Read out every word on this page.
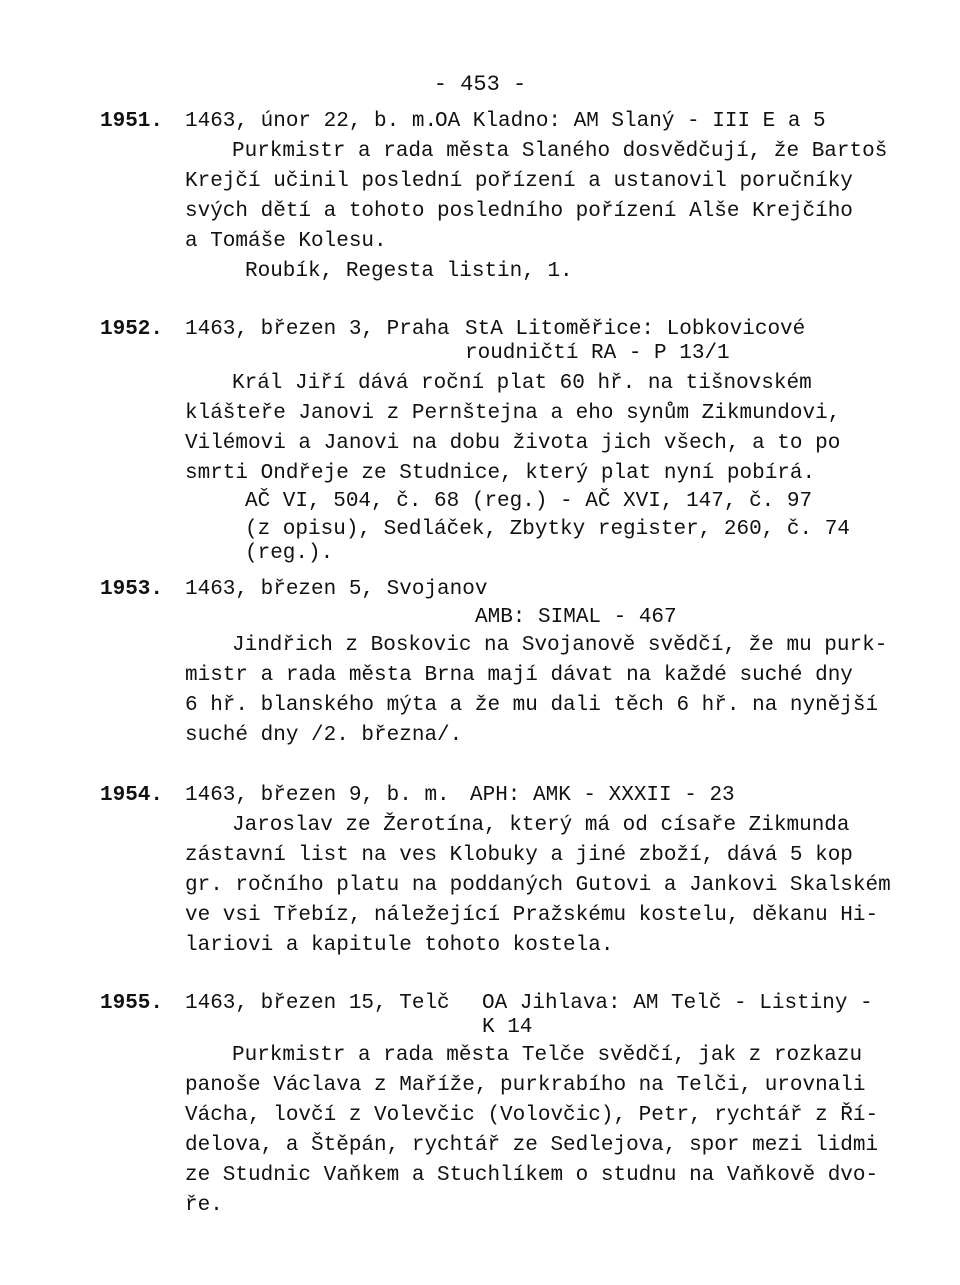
- 453 -
1951. 1463, únor 22, b. m.
OA Kladno: AM Slaný - III E a 5
Purkmistr a rada města Slaného dosvědčují, že Bartoš
Krejčí učinil poslední pořízení a ustanovil poručníky
svých dětí a tohoto posledního pořízení Alše Krejčího
a Tomáše Kolesu.
Roubík, Regesta listin, 1.
1952. 1463, březen 3, Praha StA Litoměřice: Lobkovicové
roudničtí RA - P 13/1
Král Jiří dává roční plat 60 hř. na tišnovském
klášteře Janovi z Pernštejna a eho synům Zikmundovi,
Vilémovi a Janovi na dobu života jich všech, a to po
smrti Ondřeje ze Studnice, který plat nyní pobírá.
AČ VI, 504, č. 68 (reg.) - AČ XVI, 147, č. 97
(z opisu), Sedláček, Zbytky register, 260, č. 74
(reg.).
1953. 1463, březen 5, Svojanov
AMB: SIMAL - 467
Jindřich z Boskovic na Svojanově svědčí, že mu purk-
mistr a rada města Brna mají dávat na každé suché dny
6 hř. blanského mýta a že mu dali těch 6 hř. na nynější
suché dny /2. března/.
1954. 1463, březen 9, b. m. APH: AMK - XXXII - 23
Jaroslav ze Žerotína, který má od císaře Zikmunda
zástavní list na ves Klobuky a jiné zboží, dává 5 kop
gr. ročního platu na poddaných Gutovi a Jankovi Skalském
ve vsi Třebíz, náležející Pražskému kostelu, děkanu Hi-
lariovi a kapitule tohoto kostela.
1955. 1463, březen 15, Telč OA Jihlava: AM Telč - Listiny -
K 14
Purkmistr a rada města Telče svědčí, jak z rozkazu
panoše Václava z Maříže, purkrabího na Telči, urovnali
Vácha, lovčí z Volevčic (Volovčic), Petr, rychtář z Ří-
delova, a Štěpán, rychtář ze Sedlejova, spor mezi lidmi
ze Studnic Vaňkem a Stuchlíkem o studnu na Vaňkově dvo-
ře.
